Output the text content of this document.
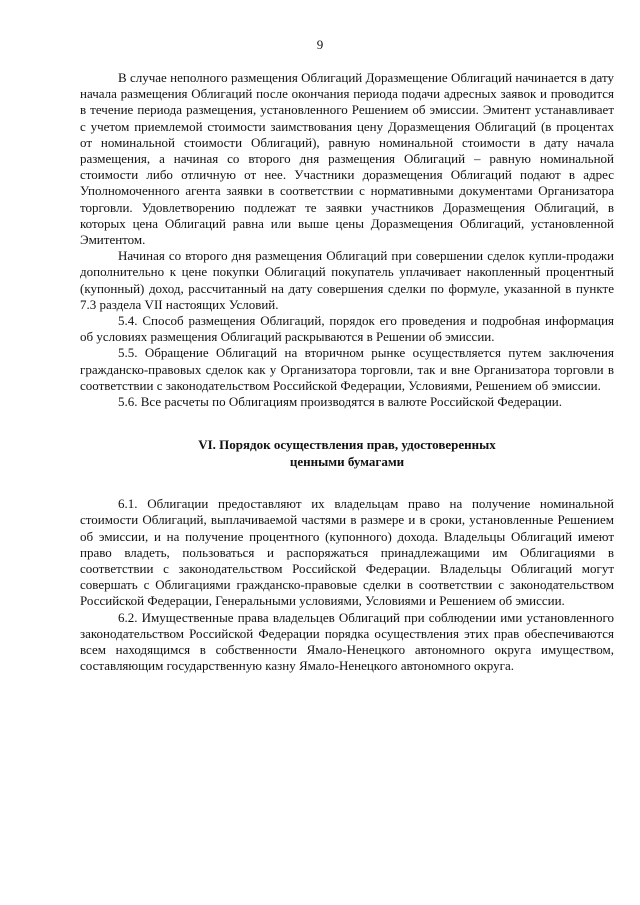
9

В случае неполного размещения Облигаций Доразмещение Облигаций начинается в дату начала размещения Облигаций после окончания периода подачи адресных заявок и проводится в течение периода размещения, установленного Решением об эмиссии. Эмитент устанавливает с учетом приемлемой стоимости заимствования цену Доразмещения Облигаций (в процентах от номинальной стоимости Облигаций), равную номинальной стоимости в дату начала размещения, а начиная со второго дня размещения Облигаций – равную номинальной стоимости либо отличную от нее. Участники доразмещения Облигаций подают в адрес Уполномоченного агента заявки в соответствии с нормативными документами Организатора торговли. Удовлетворению подлежат те заявки участников Доразмещения Облигаций, в которых цена Облигаций равна или выше цены Доразмещения Облигаций, установленной Эмитентом.

Начиная со второго дня размещения Облигаций при совершении сделок купли-продажи дополнительно к цене покупки Облигаций покупатель уплачивает накопленный процентный (купонный) доход, рассчитанный на дату совершения сделки по формуле, указанной в пункте 7.3 раздела VII настоящих Условий.

5.4. Способ размещения Облигаций, порядок его проведения и подробная информация об условиях размещения Облигаций раскрываются в Решении об эмиссии.

5.5. Обращение Облигаций на вторичном рынке осуществляется путем заключения гражданско-правовых сделок как у Организатора торговли, так и вне Организатора торговли в соответствии с законодательством Российской Федерации, Условиями, Решением об эмиссии.

5.6. Все расчеты по Облигациям производятся в валюте Российской Федерации.

VI. Порядок осуществления прав, удостоверенных
ценными бумагами

6.1. Облигации предоставляют их владельцам право на получение номинальной стоимости Облигаций, выплачиваемой частями в размере и в сроки, установленные Решением об эмиссии, и на получение процентного (купонного) дохода. Владельцы Облигаций имеют право владеть, пользоваться и распоряжаться принадлежащими им Облигациями в соответствии с законодательством Российской Федерации. Владельцы Облигаций могут совершать с Облигациями гражданско-правовые сделки в соответствии с законодательством Российской Федерации, Генеральными условиями, Условиями и Решением об эмиссии.

6.2. Имущественные права владельцев Облигаций при соблюдении ими установленного законодательством Российской Федерации порядка осуществления этих прав обеспечиваются всем находящимся в собственности Ямало-Ненецкого автономного округа имуществом, составляющим государственную казну Ямало-Ненецкого автономного округа.
